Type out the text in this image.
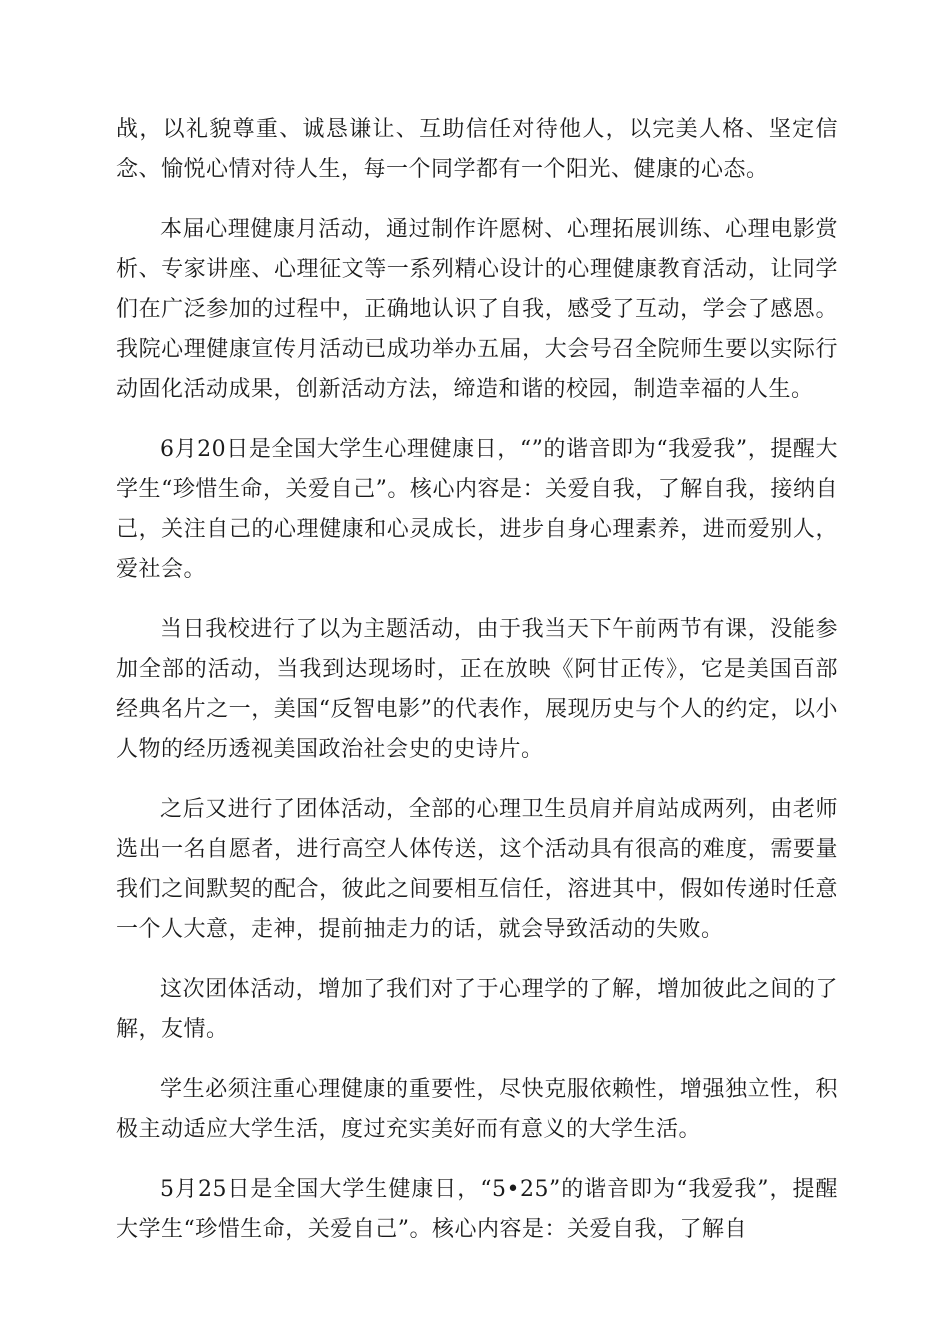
战，以礼貌尊重、诚恳谦让、互助信任对待他人，以完美人格、坚定信念、愉悦心情对待人生，每一个同学都有一个阳光、健康的心态。

本届心理健康月活动，通过制作许愿树、心理拓展训练、心理电影赏析、专家讲座、心理征文等一系列精心设计的心理健康教育活动，让同学们在广泛参加的过程中，正确地认识了自我，感受了互动，学会了感恩。我院心理健康宣传月活动已成功举办五届，大会号召全院师生要以实际行动固化活动成果，创新活动方法，缔造和谐的校园，制造幸福的人生。

6月20日是全国大学生心理健康日，“”的谐音即为“我爱我”，提醒大学生“珍惜生命，关爱自己”。核心内容是：关爱自我，了解自我，接纳自己，关注自己的心理健康和心灵成长，进步自身心理素养，进而爱别人，爱社会。

当日我校进行了以为主题活动，由于我当天下午前两节有课，没能参加全部的活动，当我到达现场时，正在放映《阿甘正传》，它是美国百部经典名片之一，美国“反智电影”的代表作，展现历史与个人的约定，以小人物的经历透视美国政治社会史的史诗片。

之后又进行了团体活动，全部的心理卫生员肩并肩站成两列，由老师选出一名自愿者，进行高空人体传送，这个活动具有很高的难度，需要量我们之间默契的配合，彼此之间要相互信任，溶进其中，假如传递时任意一个人大意，走神，提前抽走力的话，就会导致活动的失败。

这次团体活动，增加了我们对了于心理学的了解，增加彼此之间的了解，友情。

学生必须注重心理健康的重要性，尽快克服依赖性，增强独立性，积极主动适应大学生活，度过充实美好而有意义的大学生活。

5月25日是全国大学生健康日，“5•25”的谐音即为“我爱我”，提醒大学生“珍惜生命，关爱自己”。核心内容是：关爱自我，了解自
